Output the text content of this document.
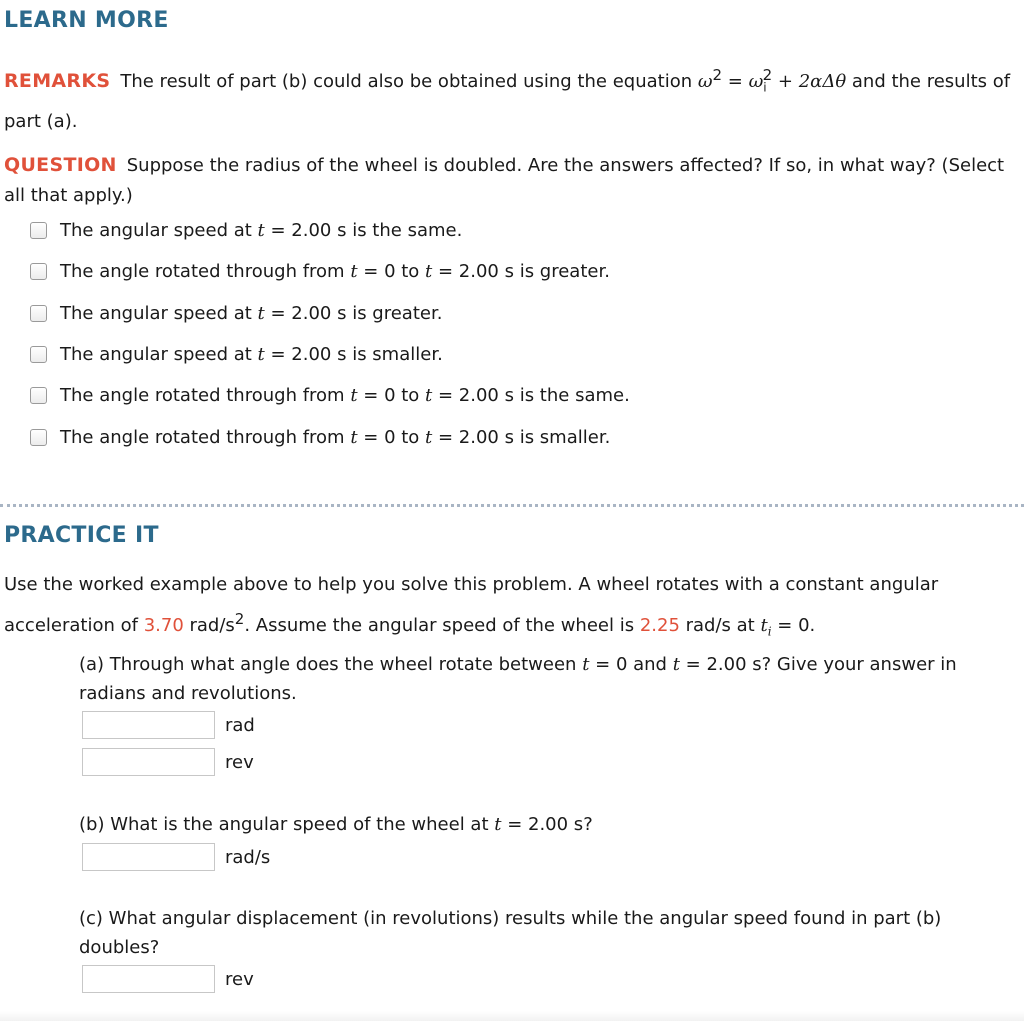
LEARN MORE

REMARKS The result of part (b) could also be obtained using the equation $\omega^2 = \omega_i^2 + 2\alpha\Delta\theta$ and the results of part (a).

QUESTION Suppose the radius of the wheel is doubled. Are the answers affected? If so, in what way? (Select all that apply.)

The angular speed at t = 2.00 s is the same.
The angle rotated through from t = 0 to t = 2.00 s is greater.
The angular speed at t = 2.00 s is greater.
The angular speed at t = 2.00 s is smaller.
The angle rotated through from t = 0 to t = 2.00 s is the same.
The angle rotated through from t = 0 to t = 2.00 s is smaller.
PRACTICE IT

Use the worked example above to help you solve this problem. A wheel rotates with a constant angular acceleration of 3.70 rad/$s^2$. Assume the angular speed of the wheel is 2.25 rad/s at $t_i = 0$.

(a) Through what angle does the wheel rotate between t = 0 and t = 2.00 s? Give your answer in radians and revolutions.

rad
rev

(b) What is the angular speed of the wheel at t = 2.00 s?

rad/s

(c) What angular displacement (in revolutions) results while the angular speed found in part (b) doubles?

rev
